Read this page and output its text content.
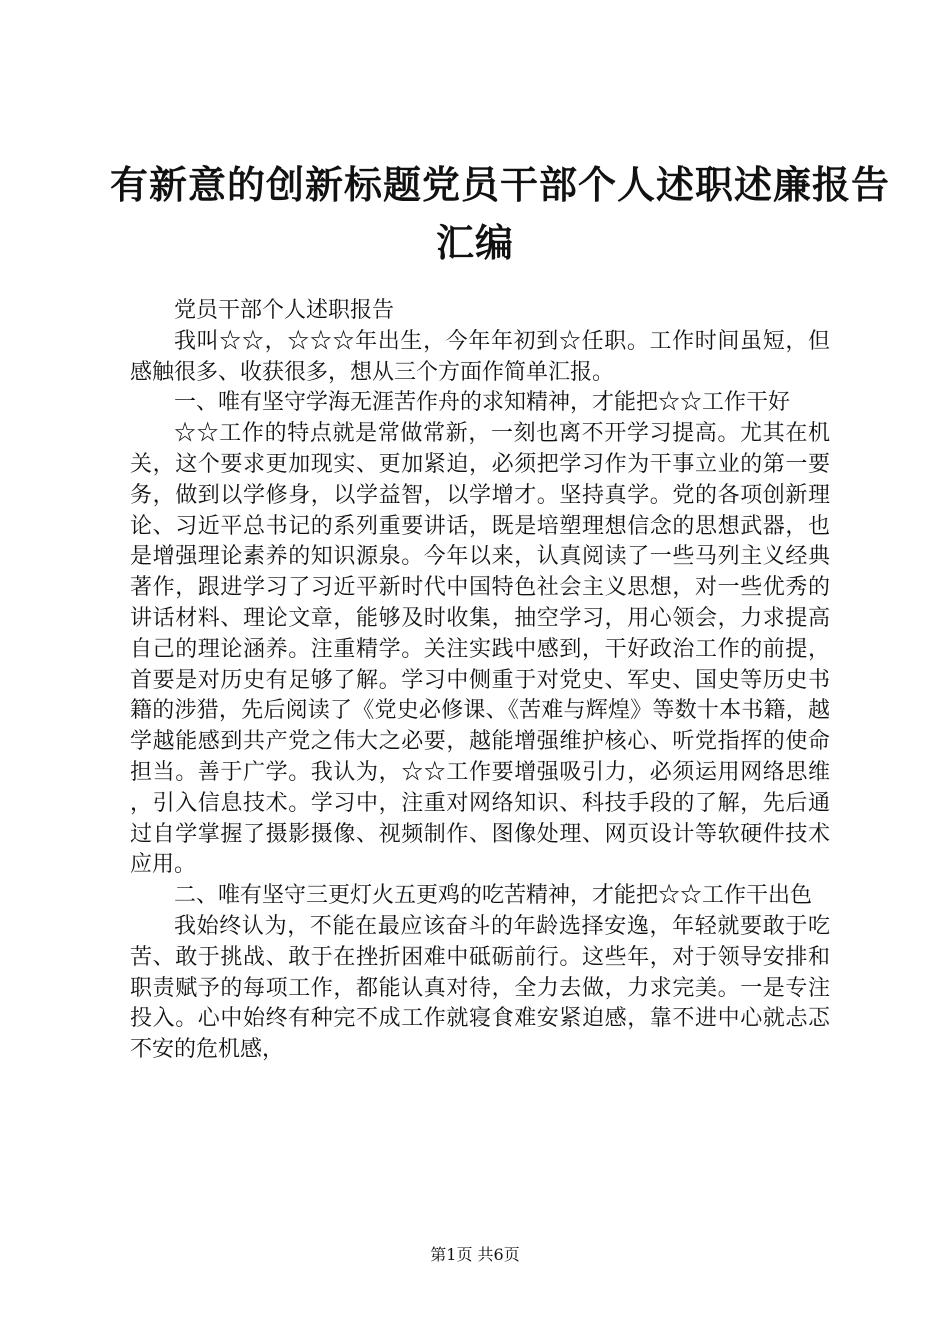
有新意的创新标题党员干部个人述职述廉报告
汇编

党员干部个人述职报告

我叫☆☆，☆☆☆年出生，今年年初到☆任职。工作时间虽短，但感触很多、收获很多，想从三个方面作简单汇报。

一、唯有坚守学海无涯苦作舟的求知精神，才能把☆☆工作干好

☆☆工作的特点就是常做常新，一刻也离不开学习提高。尤其在机关，这个要求更加现实、更加紧迫，必须把学习作为干事立业的第一要务，做到以学修身，以学益智，以学增才。坚持真学。党的各项创新理论、习近平总书记的系列重要讲话，既是培塑理想信念的思想武器，也是增强理论素养的知识源泉。今年以来，认真阅读了一些马列主义经典著作，跟进学习了习近平新时代中国特色社会主义思想，对一些优秀的讲话材料、理论文章，能够及时收集，抽空学习，用心领会，力求提高自己的理论涵养。注重精学。关注实践中感到，干好政治工作的前提，首要是对历史有足够了解。学习中侧重于对党史、军史、国史等历史书籍的涉猎，先后阅读了《党史必修课、《苦难与辉煌》等数十本书籍，越学越能感到共产党之伟大之必要，越能增强维护核心、听党指挥的使命担当。善于广学。我认为，☆☆工作要增强吸引力，必须运用网络思维，引入信息技术。学习中，注重对网络知识、科技手段的了解，先后通过自学掌握了摄影摄像、视频制作、图像处理、网页设计等软硬件技术应用。

二、唯有坚守三更灯火五更鸡的吃苦精神，才能把☆☆工作干出色

我始终认为，不能在最应该奋斗的年龄选择安逸，年轻就要敢于吃苦、敢于挑战、敢于在挫折困难中砥砺前行。这些年，对于领导安排和职责赋予的每项工作，都能认真对待，全力去做，力求完美。一是专注投入。心中始终有种完不成工作就寝食难安紧迫感，靠不进中心就忐忑不安的危机感，

第1页 共6页
